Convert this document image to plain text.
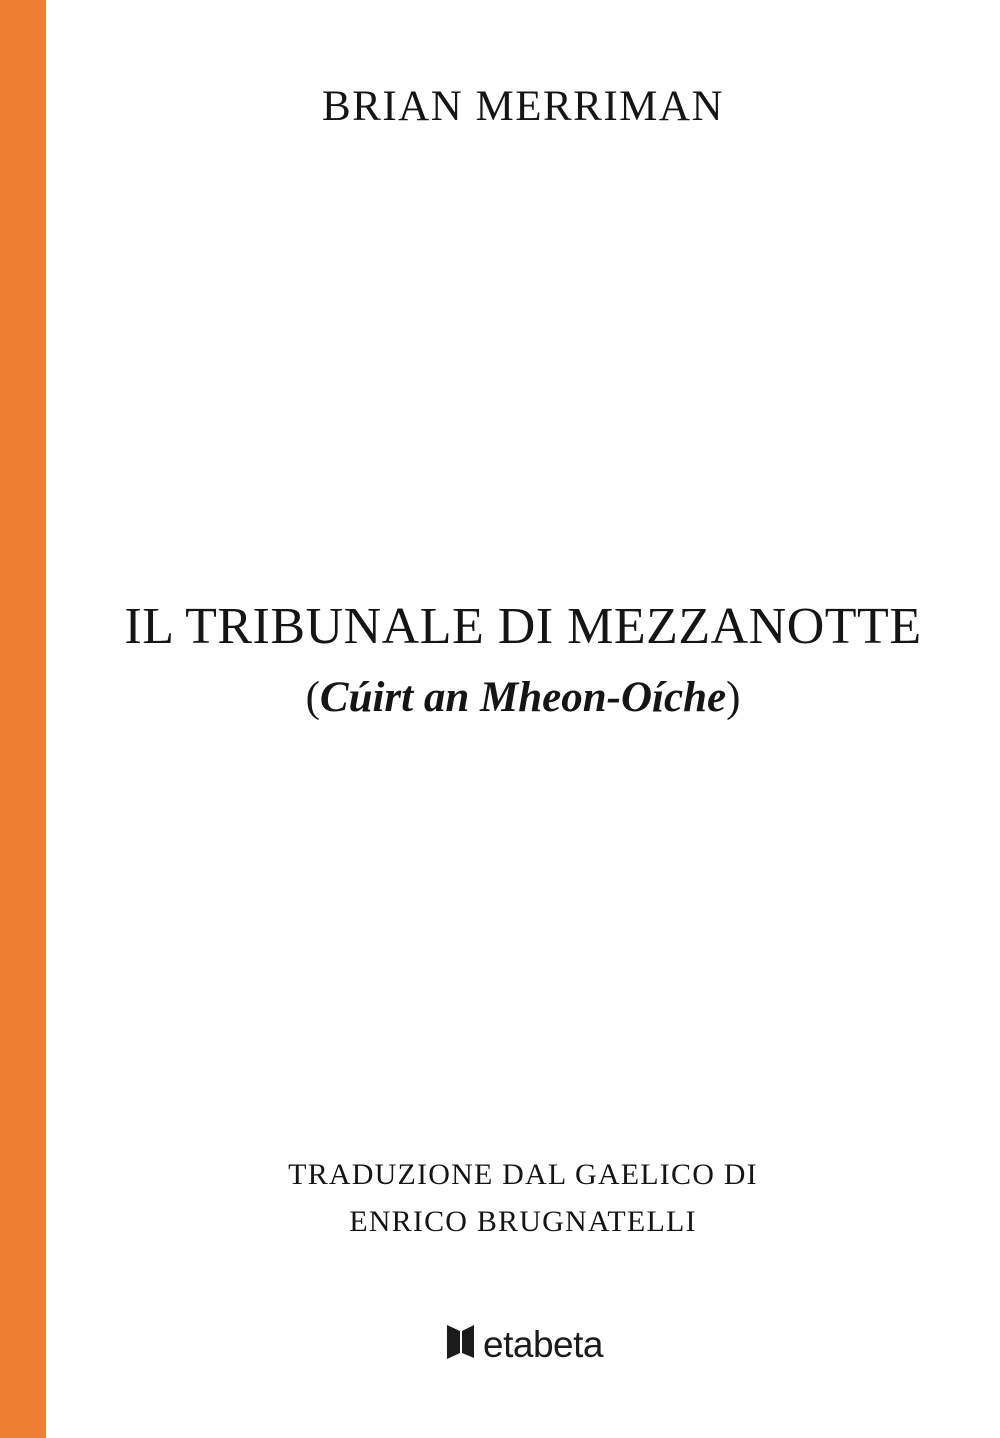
BRIAN MERRIMAN
IL TRIBUNALE DI MEZZANOTTE
(Cúirt an Mheon-Oíche)
TRADUZIONE DAL GAELICO DI
ENRICO BRUGNATELLI
etabeta
